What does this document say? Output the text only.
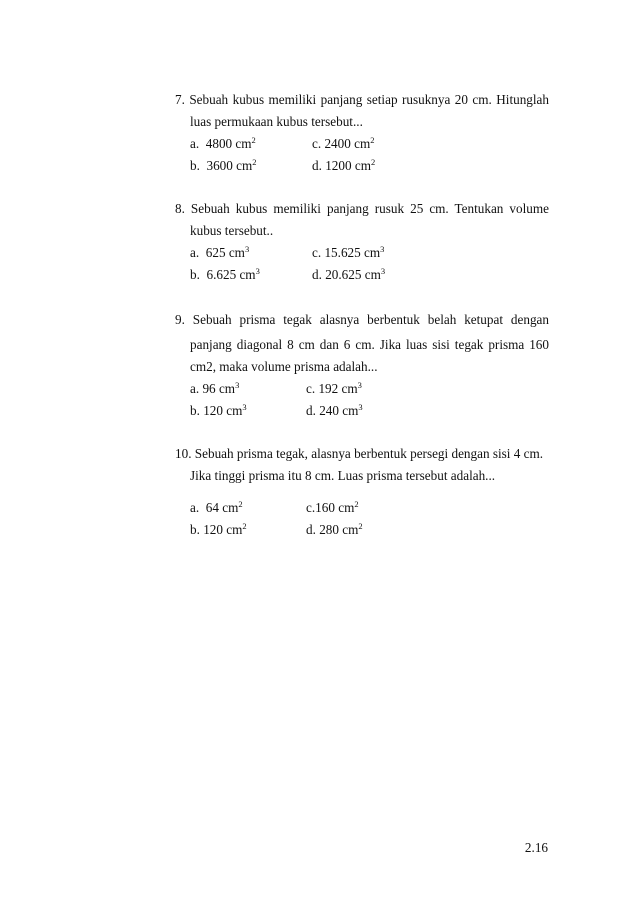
7. Sebuah kubus memiliki panjang setiap rusuknya 20 cm. Hitunglah
luas permukaan kubus tersebut...
a. 4800 $cm^2$	c. 2400 $cm^2$
b. 3600 $cm^2$	d. 1200 $cm^2$
8. Sebuah kubus memiliki panjang rusuk 25 cm. Tentukan volume
kubus tersebut..
a. 625 $cm^3$	c. 15.625 $cm^3$
b. 6.625 $cm^3$	d. 20.625 $cm^3$
9. Sebuah prisma tegak alasnya berbentuk belah ketupat dengan
panjang diagonal 8 cm dan 6 cm. Jika luas sisi tegak prisma 160
cm2, maka volume prisma adalah...
a. 96 $cm^3$	c. 192 $cm^3$
b. 120 $cm^3$	d. 240 $cm^3$
10. Sebuah prisma tegak, alasnya berbentuk persegi dengan sisi 4 cm.
Jika tinggi prisma itu 8 cm. Luas prisma tersebut adalah...
a. 64 $cm^2$	c.160 $cm^2$
b. 120 $cm^2$	d. 280 $cm^2$
2.16
